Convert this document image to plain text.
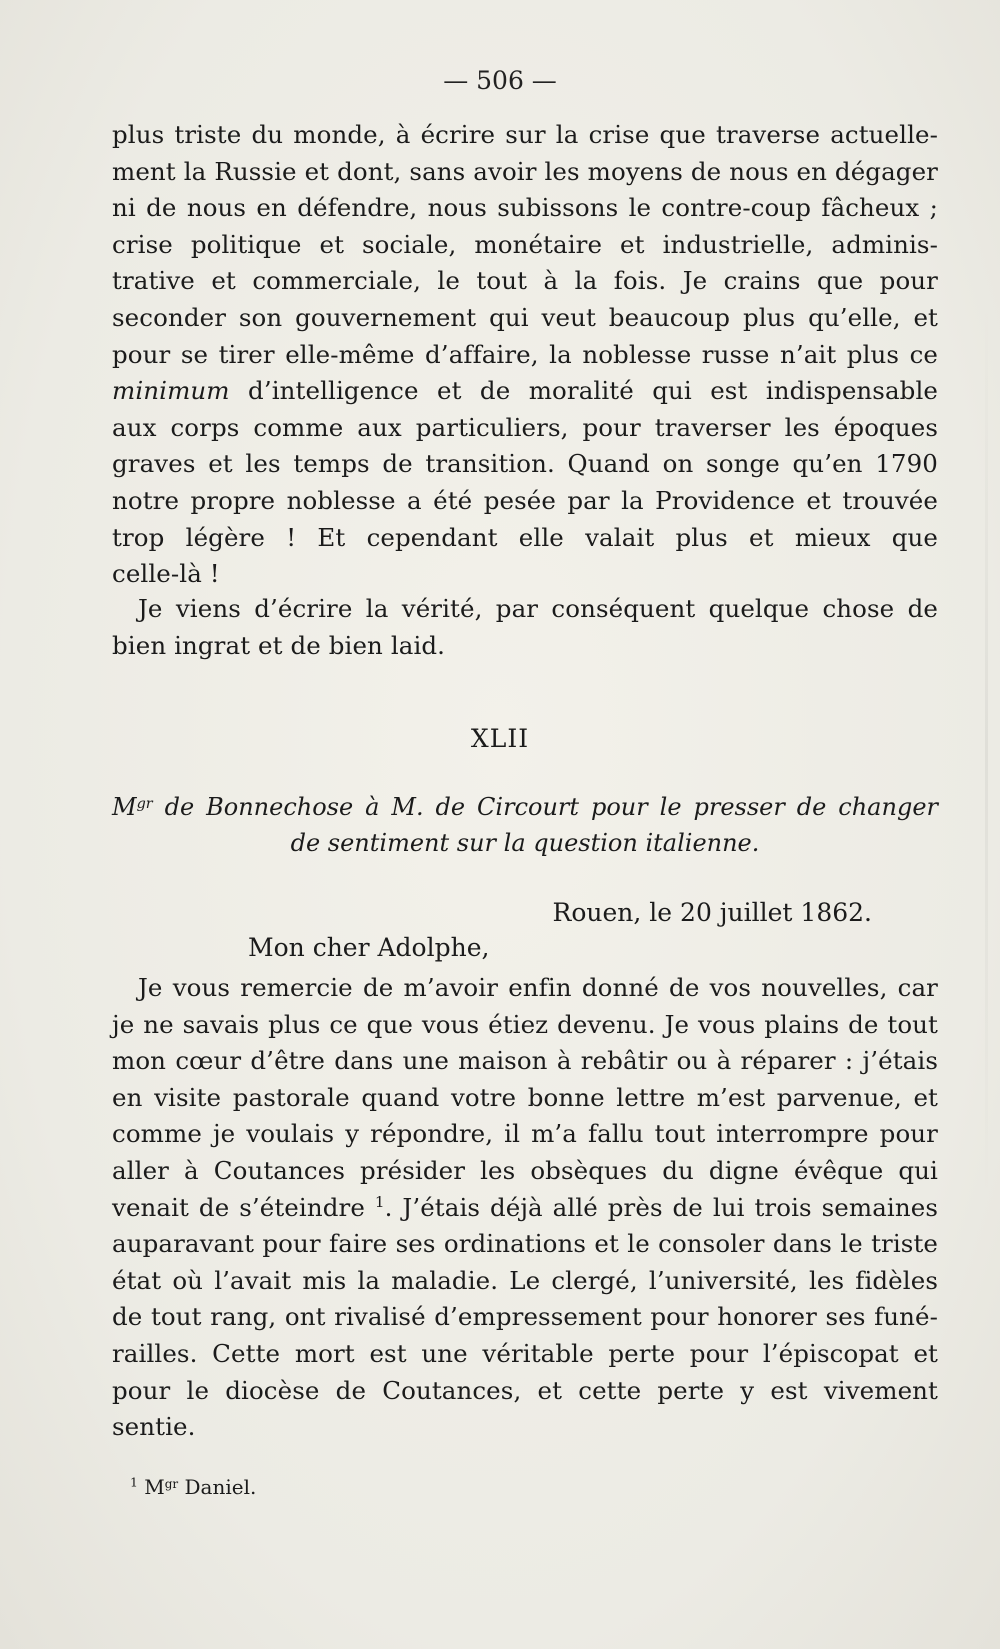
— 506 —
plus triste du monde, à écrire sur la crise que traverse actuelle-
ment la Russie et dont, sans avoir les moyens de nous en dégager
ni de nous en défendre, nous subissons le contre-coup fâcheux ;
crise politique et sociale, monétaire et industrielle, adminis-
trative et commerciale, le tout à la fois. Je crains que pour
seconder son gouvernement qui veut beaucoup plus qu’elle, et
pour se tirer elle-même d’affaire, la noblesse russe n’ait plus ce
minimum d’intelligence et de moralité qui est indispensable
aux corps comme aux particuliers, pour traverser les époques
graves et les temps de transition. Quand on songe qu’en 1790
notre propre noblesse a été pesée par la Providence et trouvée
trop légère ! Et cependant elle valait plus et mieux que
celle-là !
Je viens d’écrire la vérité, par conséquent quelque chose de
bien ingrat et de bien laid.
XLII
$M^{gr}$ de Bonnechose à M. de Circourt pour le presser de changer
de sentiment sur la question italienne.
Rouen, le 20 juillet 1862.
Mon cher Adolphe,
Je vous remercie de m’avoir enfin donné de vos nouvelles, car
je ne savais plus ce que vous étiez devenu. Je vous plains de tout
mon cœur d’être dans une maison à rebâtir ou à réparer : j’étais
en visite pastorale quand votre bonne lettre m’est parvenue, et
comme je voulais y répondre, il m’a fallu tout interrompre pour
aller à Coutances présider les obsèques du digne évêque qui
venait de s’éteindre $^1$. J’étais déjà allé près de lui trois semaines
auparavant pour faire ses ordinations et le consoler dans le triste
état où l’avait mis la maladie. Le clergé, l’université, les fidèles
de tout rang, ont rivalisé d’empressement pour honorer ses funé-
railles. Cette mort est une véritable perte pour l’épiscopat et
pour le diocèse de Coutances, et cette perte y est vivement
sentie.
$^1$ $M^{gr}$ Daniel.
